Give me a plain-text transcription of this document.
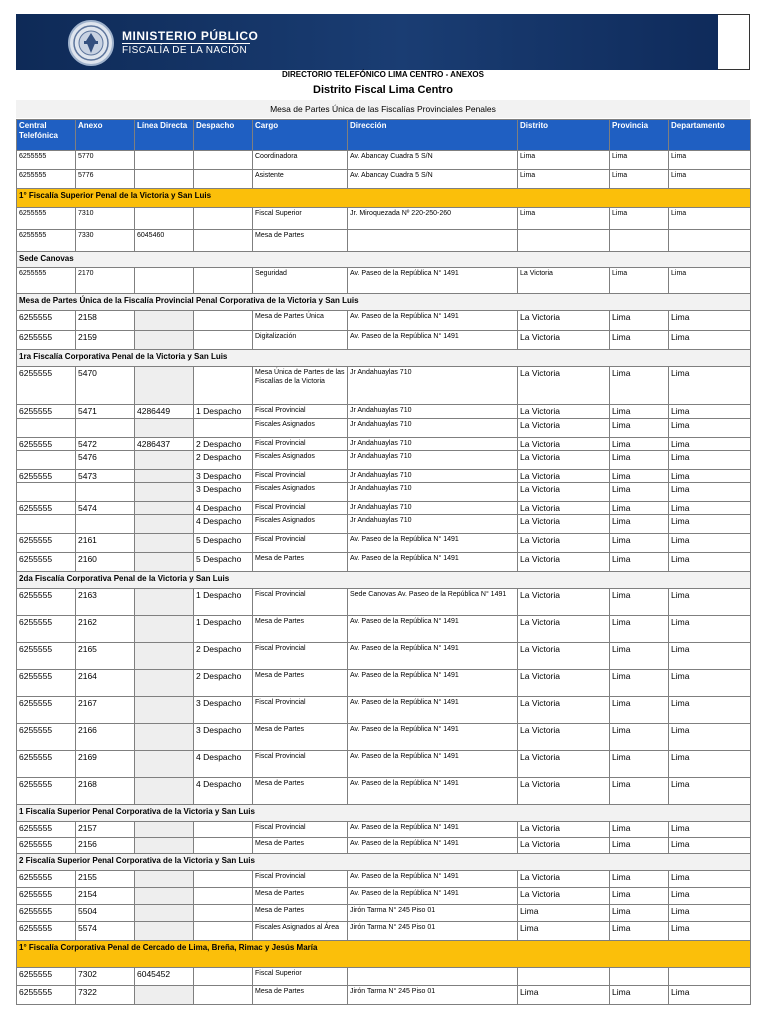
MINISTERIO PÚBLICO
FISCALÍA DE LA NACIÓN
DIRECTORIO TELEFÓNICO LIMA CENTRO - ANEXOS
Distrito Fiscal Lima Centro
Mesa de Partes Única de las Fiscalías Provinciales Penales
Central Telefónica	Anexo	Línea Directa	Despacho	Cargo	Dirección	Distrito	Provincia	Departamento
6255555	5770			Coordinadora	Av. Abancay Cuadra 5 S/N	Lima	Lima	Lima
6255555	5776			Asistente	Av. Abancay Cuadra 5 S/N	Lima	Lima	Lima
1° Fiscalía Superior Penal de la Victoria y San Luis								
6255555	7310			Fiscal Superior	Jr. Miroquezada Nº 220-250-260	Lima	Lima	Lima
6255555	7330	6045460		Mesa de Partes				
Sede Canovas								
6255555	2170			Seguridad	Av. Paseo de la República N° 1491	La Victoria	Lima	Lima
Mesa de Partes Única de la Fiscalía Provincial Penal Corporativa de la Victoria y San Luis								
6255555	2158			Mesa de Partes Única	Av. Paseo de la República N° 1491	La Victoria	Lima	Lima
6255555	2159			Digitalización	Av. Paseo de la República N° 1491	La Victoria	Lima	Lima
1ra Fiscalía Corporativa Penal de la Victoria y San Luis								
6255555	5470			Mesa Única de Partes de las Fiscalías de la Victoria	Jr Andahuaylas 710	La Victoria	Lima	Lima
6255555	5471	4286449	1 Despacho	Fiscal Provincial	Jr Andahuaylas 710	La Victoria	Lima	Lima
				Fiscales Asignados	Jr Andahuaylas 710	La Victoria	Lima	Lima
6255555	5472	4286437	2 Despacho	Fiscal Provincial	Jr Andahuaylas 710	La Victoria	Lima	Lima
	5476		2 Despacho	Fiscales Asignados	Jr Andahuaylas 710	La Victoria	Lima	Lima
6255555	5473		3 Despacho	Fiscal Provincial	Jr Andahuaylas 710	La Victoria	Lima	Lima
			3 Despacho	Fiscales Asignados	Jr Andahuaylas 710	La Victoria	Lima	Lima
6255555	5474		4 Despacho	Fiscal Provincial	Jr Andahuaylas 710	La Victoria	Lima	Lima
			4 Despacho	Fiscales Asignados	Jr Andahuaylas 710	La Victoria	Lima	Lima
6255555	2161		5 Despacho	Fiscal Provincial	Av. Paseo de la República N° 1491	La Victoria	Lima	Lima
6255555	2160		5 Despacho	Mesa de Partes	Av. Paseo de la República N° 1491	La Victoria	Lima	Lima
2da Fiscalía Corporativa Penal de la Victoria y San Luis								
6255555	2163		1 Despacho	Fiscal Provincial	Sede Canovas Av. Paseo de la República N° 1491	La Victoria	Lima	Lima
6255555	2162		1 Despacho	Mesa de Partes	Av. Paseo de la República N° 1491	La Victoria	Lima	Lima
6255555	2165		2 Despacho	Fiscal Provincial	Av. Paseo de la República N° 1491	La Victoria	Lima	Lima
6255555	2164		2 Despacho	Mesa de Partes	Av. Paseo de la República N° 1491	La Victoria	Lima	Lima
6255555	2167		3 Despacho	Fiscal Provincial	Av. Paseo de la República N° 1491	La Victoria	Lima	Lima
6255555	2166		3 Despacho	Mesa de Partes	Av. Paseo de la República N° 1491	La Victoria	Lima	Lima
6255555	2169		4 Despacho	Fiscal Provincial	Av. Paseo de la República N° 1491	La Victoria	Lima	Lima
6255555	2168		4 Despacho	Mesa de Partes	Av. Paseo de la República N° 1491	La Victoria	Lima	Lima
1 Fiscalía Superior Penal Corporativa de la Victoria y San Luis								
6255555	2157			Fiscal Provincial	Av. Paseo de la República N° 1491	La Victoria	Lima	Lima
6255555	2156			Mesa de Partes	Av. Paseo de la República N° 1491	La Victoria	Lima	Lima
2 Fiscalía Superior Penal Corporativa de la Victoria y San Luis								
6255555	2155			Fiscal Provincial	Av. Paseo de la República N° 1491	La Victoria	Lima	Lima
6255555	2154			Mesa de Partes	Av. Paseo de la República N° 1491	La Victoria	Lima	Lima
6255555	5504			Mesa de Partes	Jirón Tarma N° 245 Piso 01	Lima	Lima	Lima
6255555	5574			Fiscales Asignados al Área	Jirón Tarma N° 245 Piso 01	Lima	Lima	Lima
1° Fiscalía Corporativa Penal de Cercado de Lima, Breña, Rimac y Jesús María								
6255555	7302	6045452		Fiscal Superior				
6255555	7322			Mesa de Partes	Jirón Tarma N° 245 Piso 01	Lima	Lima	Lima
